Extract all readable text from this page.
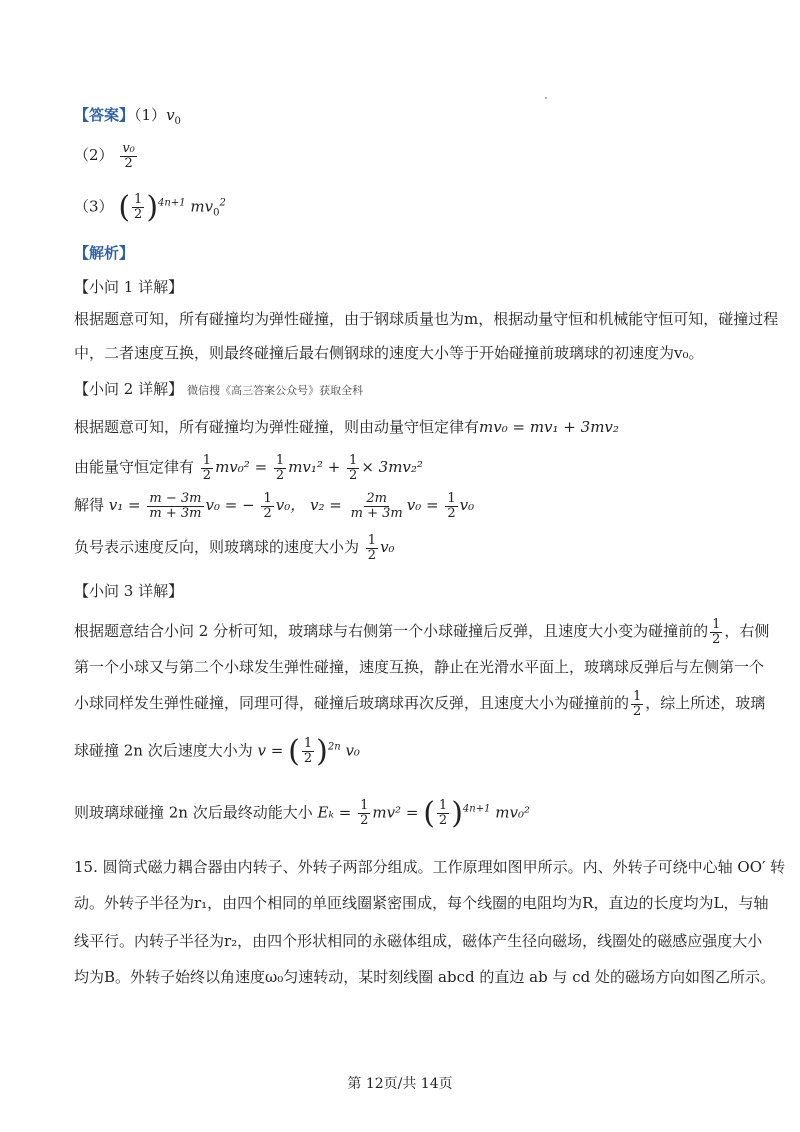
【答案】$(1)v_0$
$(2) \frac{\text{v₀}}{2}$
（3） ( $\frac{1}{2} )^{4n+1}$ $mv_0^2$
【解析】
【小问 1 详解】
根据题意可知，所有碰撞均为弹性碰撞，由于钢球质量也为m，根据动量守恒和机械能守恒可知，碰撞过程
中，二者速度互换，则最终碰撞后最右侧钢球的速度大小等于开始碰撞前玻璃球的初速度为v₀。
【小问 2 详解】 微信搜《高三答案公众号》获取全科
根据题意可知，所有碰撞均为弹性碰撞，则由动量守恒定律有mv₀ = mv₁ + 3mv₂
由能量守恒定律有 $\frac{1}{2} mv_0^2 = \frac{1}{2} mv_1^2 + \frac{1}{2} \times 3mv_2^2$
解得 $v_1 = \frac{m - 3m}{m + 3m} v_0$ = − $\frac{1}{2} v_0$， $v_2 = \frac{2m}{m + 3m} v_0 = \frac{1}{2} v_0$
负号表示速度反向，则玻璃球的速度大小为 $\frac{1}{2} v_0$
【小问 3 详解】
根据题意结合小问 2 分析可知，玻璃球与右侧第一个小球碰撞后反弹，且速度大小变为碰撞前的 $\frac{1}{2}$ ，右侧
第一个小球又与第二个小球发生弹性碰撞，速度互换，静止在光滑水平面上，玻璃球反弹后与左侧第一个
小球同样发生弹性碰撞，同理可得，碰撞后玻璃球再次反弹，且速度大小为碰撞前的 $\frac{1}{2}$ ，综上所述，玻璃
球碰撞 2n 次后速度大小为 v = ( $\frac{1}{2} )^{2n}$ v₀
则玻璃球碰撞 2n 次后最终动能大小 $E_k = \frac{1}{2} mv^2$ = ( $\frac{1}{2} )^{4n+1}$ mv₀²
15. 圆筒式磁力耦合器由内转子、外转子两部分组成。工作原理如图甲所示。内、外转子可绕中心轴 OO′ 转
动。外转子半径为r₁，由四个相同的单匝线圈紧密围成，每个线圈的电阻均为R，直边的长度均为L，与轴
线平行。内转子半径为r₂，由四个形状相同的永磁体组成，磁体产生径向磁场，线圈处的磁感应强度大小
均为B。外转子始终以角速度ω₀匀速转动，某时刻线圈 abcd 的直边 ab 与 cd 处的磁场方向如图乙所示。
第 12页/共 14页
